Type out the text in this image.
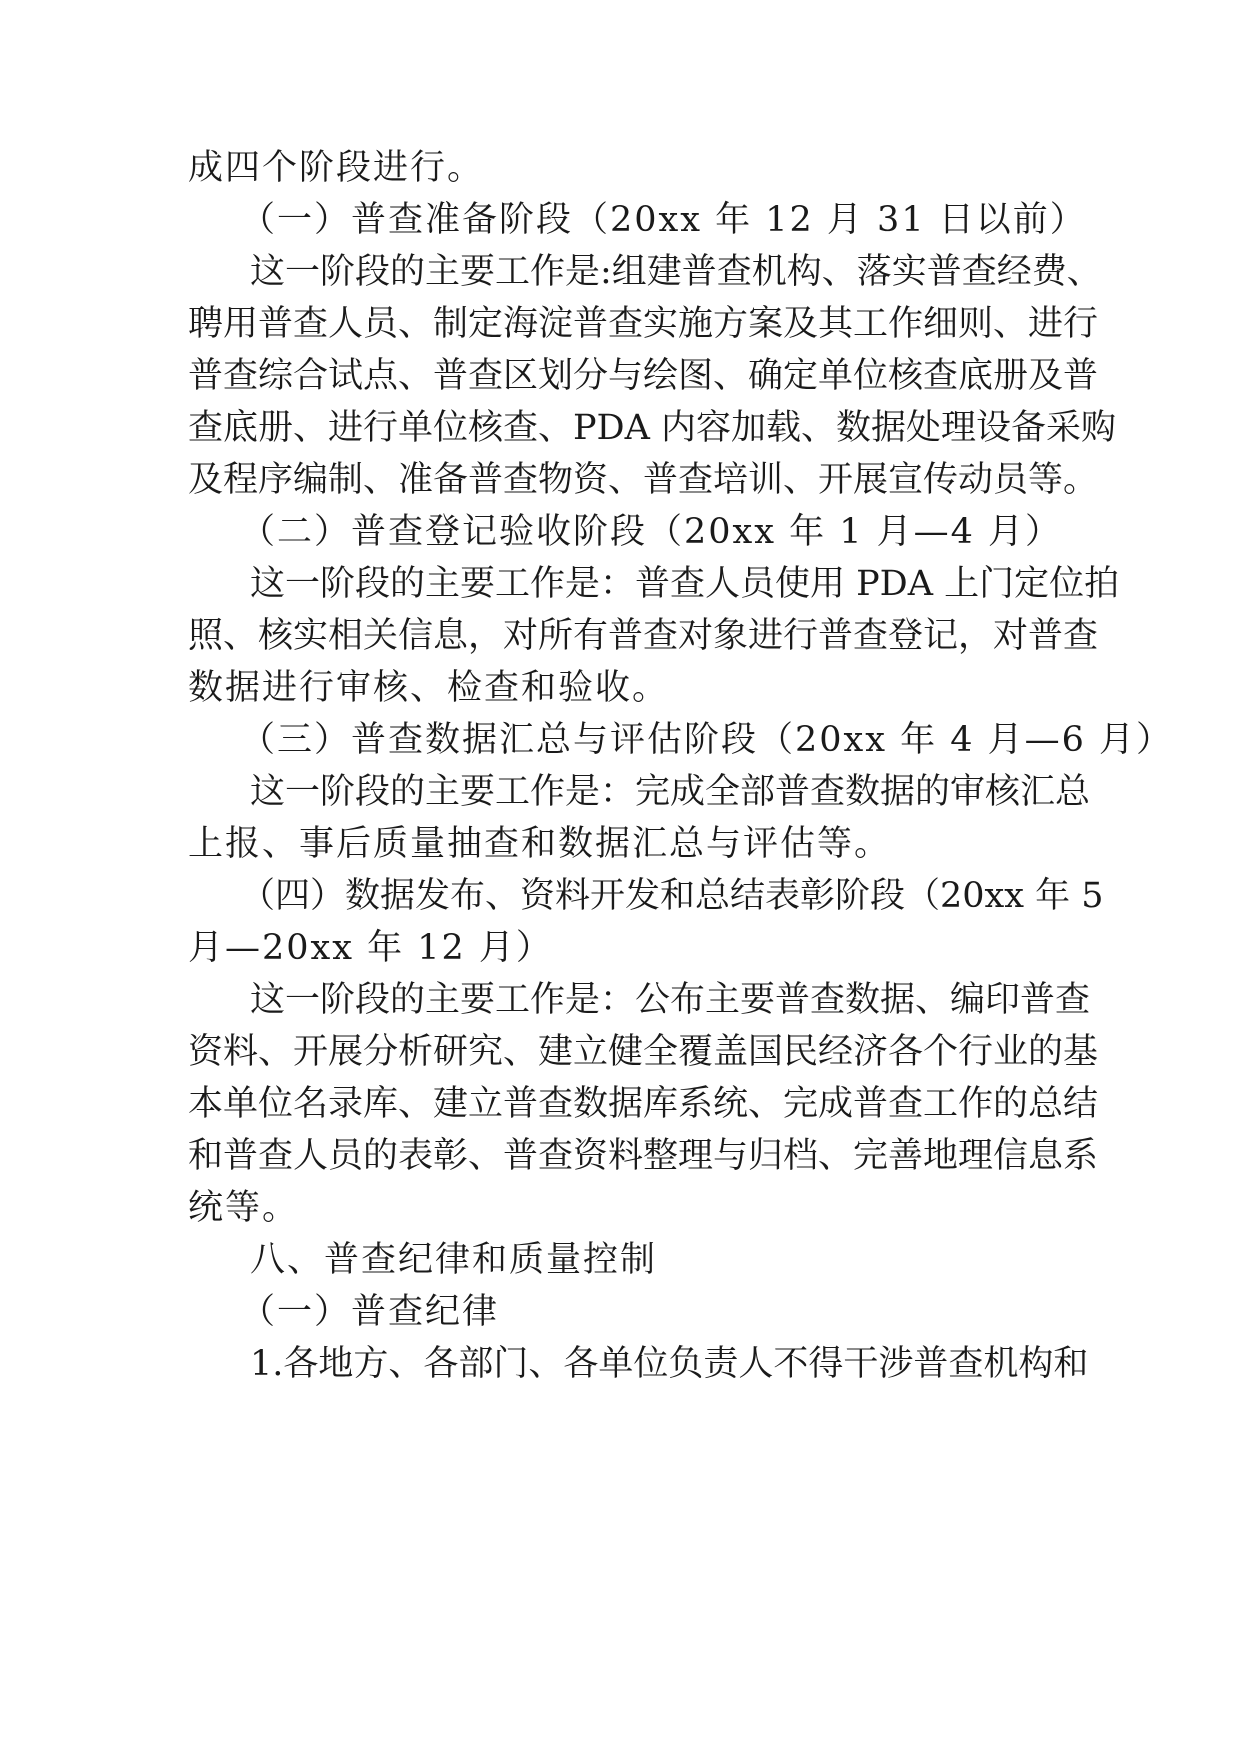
成四个阶段进行。
（一）普查准备阶段（20xx 年 12 月 31 日以前）
这一阶段的主要工作是:组建普查机构、落实普查经费、
聘用普查人员、制定海淀普查实施方案及其工作细则、进行
普查综合试点、普查区划分与绘图、确定单位核查底册及普
查底册、进行单位核查、PDA 内容加载、数据处理设备采购
及程序编制、准备普查物资、普查培训、开展宣传动员等。
（二）普查登记验收阶段（20xx 年 1 月—4 月）
这一阶段的主要工作是：普查人员使用 PDA 上门定位拍
照、核实相关信息，对所有普查对象进行普查登记，对普查
数据进行审核、检查和验收。
（三）普查数据汇总与评估阶段（20xx 年 4 月—6 月）
这一阶段的主要工作是：完成全部普查数据的审核汇总
上报、事后质量抽查和数据汇总与评估等。
（四）数据发布、资料开发和总结表彰阶段（20xx 年 5
月—20xx 年 12 月）
这一阶段的主要工作是：公布主要普查数据、编印普查
资料、开展分析研究、建立健全覆盖国民经济各个行业的基
本单位名录库、建立普查数据库系统、完成普查工作的总结
和普查人员的表彰、普查资料整理与归档、完善地理信息系
统等。
八、普查纪律和质量控制
（一）普查纪律
1.各地方、各部门、各单位负责人不得干涉普查机构和
